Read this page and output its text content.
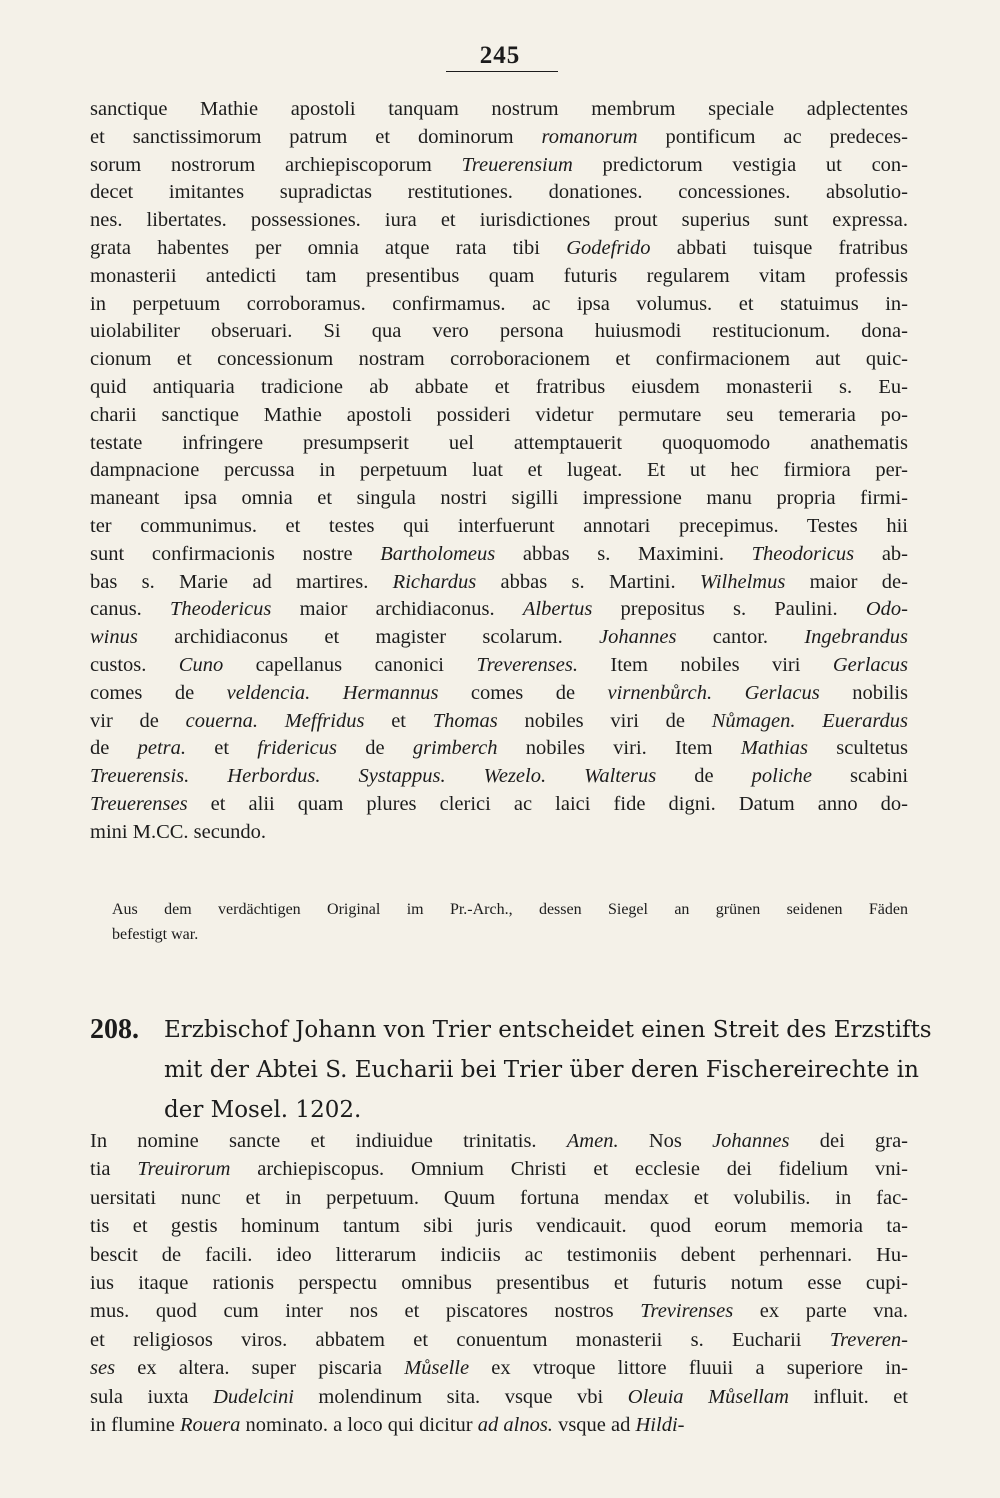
245
sanctique Mathie apostoli tanquam nostrum membrum speciale adplectentes
et sanctissimorum patrum et dominorum romanorum pontificum ac predeces-
sorum nostrorum archiepiscoporum Treuerensium predictorum vestigia ut con-
decet imitantes supradictas restitutiones. donationes. concessiones. absolutio-
nes. libertates. possessiones. iura et iurisdictiones prout superius sunt expressa.
grata habentes per omnia atque rata tibi Godefrido abbati tuisque fratribus
monasterii antedicti tam presentibus quam futuris regularem vitam professis
in perpetuum corroboramus. confirmamus. ac ipsa volumus. et statuimus in-
uiolabiliter obseruari. Si qua vero persona huiusmodi restitucionum. dona-
cionum et concessionum nostram corroboracionem et confirmacionem aut quic-
quid antiquaria tradicione ab abbate et fratribus eiusdem monasterii s. Eu-
charii sanctique Mathie apostoli possideri videtur permutare seu temeraria po-
testate infringere presumpserit uel attemptauerit quoquomodo anathematis
dampnacione percussa in perpetuum luat et lugeat. Et ut hec firmiora per-
maneant ipsa omnia et singula nostri sigilli impressione manu propria firmi-
ter communimus. et testes qui interfuerunt annotari precepimus. Testes hii
sunt confirmacionis nostre Bartholomeus abbas s. Maximini. Theodoricus ab-
bas s. Marie ad martires. Richardus abbas s. Martini. Wilhelmus maior de-
canus. Theodericus maior archidiaconus. Albertus prepositus s. Paulini. Odo-
winus archidiaconus et magister scolarum. Johannes cantor. Ingebrandus
custos. Cuno capellanus canonici Treverenses. Item nobiles viri Gerlacus
comes de veldencia. Hermannus comes de virnenbůrch. Gerlacus nobilis
vir de couerna. Meffridus et Thomas nobiles viri de Nůmagen. Euerardus
de petra. et fridericus de grimberch nobiles viri. Item Mathias scultetus
Treuerensis. Herbordus. Systappus. Wezelo. Walterus de poliche scabini
Treuerenses et alii quam plures clerici ac laici fide digni. Datum anno do-
mini M.CC. secundo.
Aus dem verdächtigen Original im Pr.-Arch., dessen Siegel an grünen seidenen Fäden
befestigt war.
208. Erzbischof Johann von Trier entscheidet einen Streit des Erzstifts
mit der Abtei S. Eucharii bei Trier über deren Fischereirechte in
der Mosel. 1202.
In nomine sancte et indiuidue trinitatis. Amen. Nos Johannes dei gra-
tia Treuirorum archiepiscopus. Omnium Christi et ecclesie dei fidelium vni-
uersitati nunc et in perpetuum. Quum fortuna mendax et volubilis. in fac-
tis et gestis hominum tantum sibi juris vendicauit. quod eorum memoria ta-
bescit de facili. ideo litterarum indiciis ac testimoniis debent perhennari. Hu-
ius itaque rationis perspectu omnibus presentibus et futuris notum esse cupi-
mus. quod cum inter nos et piscatores nostros Trevirenses ex parte vna.
et religiosos viros. abbatem et conuentum monasterii s. Eucharii Treveren-
ses ex altera. super piscaria Můselle ex vtroque littore fluuii a superiore in-
sula iuxta Dudelcini molendinum sita. vsque vbi Oleuia Můsellam influit. et
in flumine Rouera nominato. a loco qui dicitur ad alnos. vsque ad Hildi-
